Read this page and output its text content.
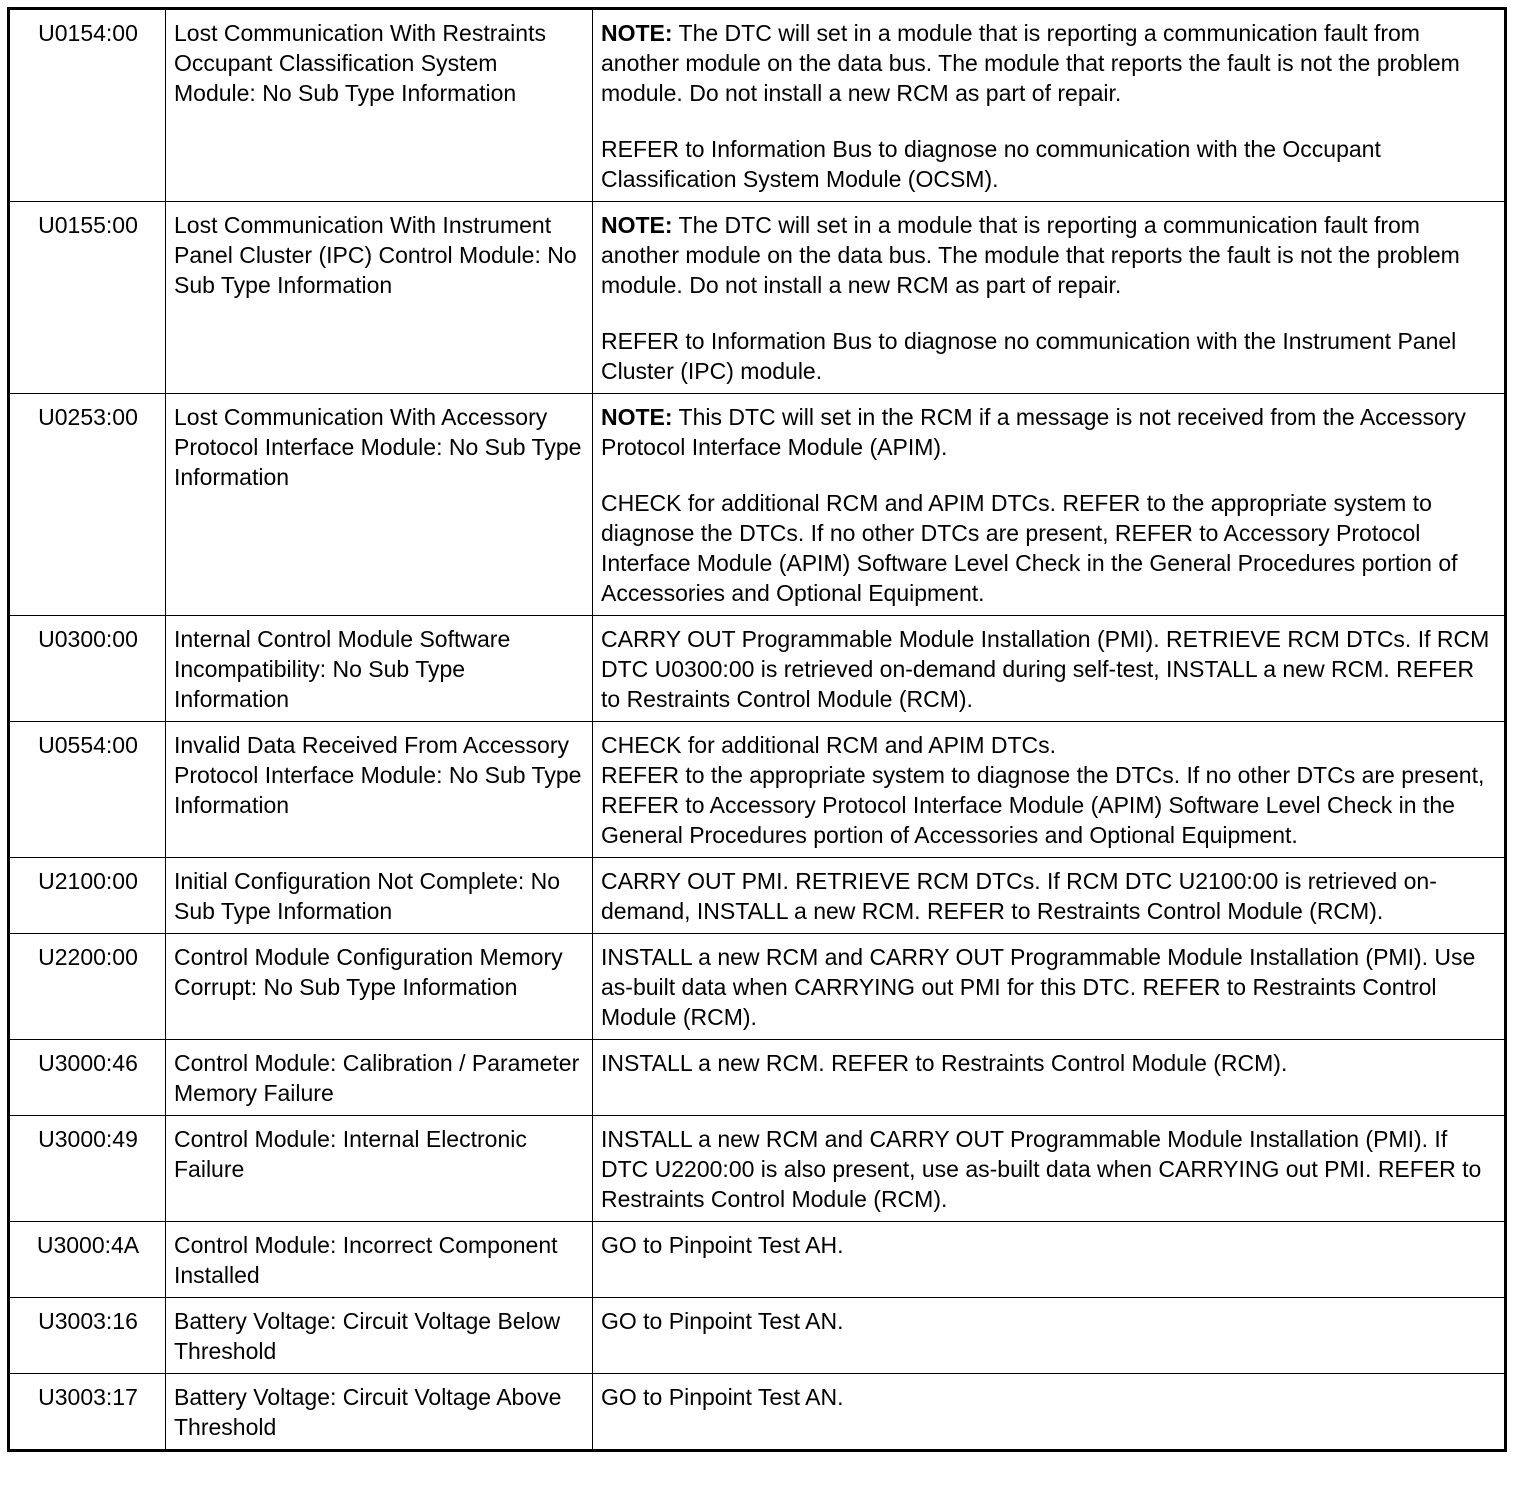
U0154:00	Lost Communication With Restraints Occupant Classification System Module: No Sub Type Information	NOTE: The DTC will set in a module that is reporting a communication fault from another module on the data bus. The module that reports the fault is not the problem module. Do not install a new RCM as part of repair.
REFER to Information Bus to diagnose no communication with the Occupant Classification System Module (OCSM).

U0155:00	Lost Communication With Instrument Panel Cluster (IPC) Control Module: No Sub Type Information	NOTE: The DTC will set in a module that is reporting a communication fault from another module on the data bus. The module that reports the fault is not the problem module. Do not install a new RCM as part of repair.
REFER to Information Bus to diagnose no communication with the Instrument Panel Cluster (IPC) module.

U0253:00	Lost Communication With Accessory Protocol Interface Module: No Sub Type Information	NOTE: This DTC will set in the RCM if a message is not received from the Accessory Protocol Interface Module (APIM).
CHECK for additional RCM and APIM DTCs. REFER to the appropriate system to diagnose the DTCs. If no other DTCs are present, REFER to Accessory Protocol Interface Module (APIM) Software Level Check in the General Procedures portion of Accessories and Optional Equipment.

U0300:00	Internal Control Module Software Incompatibility: No Sub Type Information	CARRY OUT Programmable Module Installation (PMI). RETRIEVE RCM DTCs. If RCM DTC U0300:00 is retrieved on-demand during self-test, INSTALL a new RCM. REFER to Restraints Control Module (RCM).
U0554:00	Invalid Data Received From Accessory Protocol Interface Module: No Sub Type Information	CHECK for additional RCM and APIM DTCs.
REFER to the appropriate system to diagnose the DTCs. If no other DTCs are present, REFER to Accessory Protocol Interface Module (APIM) Software Level Check in the General Procedures portion of Accessories and Optional Equipment.

U2100:00	Initial Configuration Not Complete: No Sub Type Information	CARRY OUT PMI. RETRIEVE RCM DTCs. If RCM DTC U2100:00 is retrieved on-demand, INSTALL a new RCM. REFER to Restraints Control Module (RCM).
U2200:00	Control Module Configuration Memory Corrupt: No Sub Type Information	INSTALL a new RCM and CARRY OUT Programmable Module Installation (PMI). Use as-built data when CARRYING out PMI for this DTC. REFER to Restraints Control Module (RCM).
U3000:46	Control Module: Calibration / Parameter Memory Failure	INSTALL a new RCM. REFER to Restraints Control Module (RCM).
U3000:49	Control Module: Internal Electronic Failure	INSTALL a new RCM and CARRY OUT Programmable Module Installation (PMI). If DTC U2200:00 is also present, use as-built data when CARRYING out PMI. REFER to Restraints Control Module (RCM).
U3000:4A	Control Module: Incorrect Component Installed	GO to Pinpoint Test AH.
U3003:16	Battery Voltage: Circuit Voltage Below Threshold	GO to Pinpoint Test AN.
U3003:17	Battery Voltage: Circuit Voltage Above Threshold	GO to Pinpoint Test AN.
